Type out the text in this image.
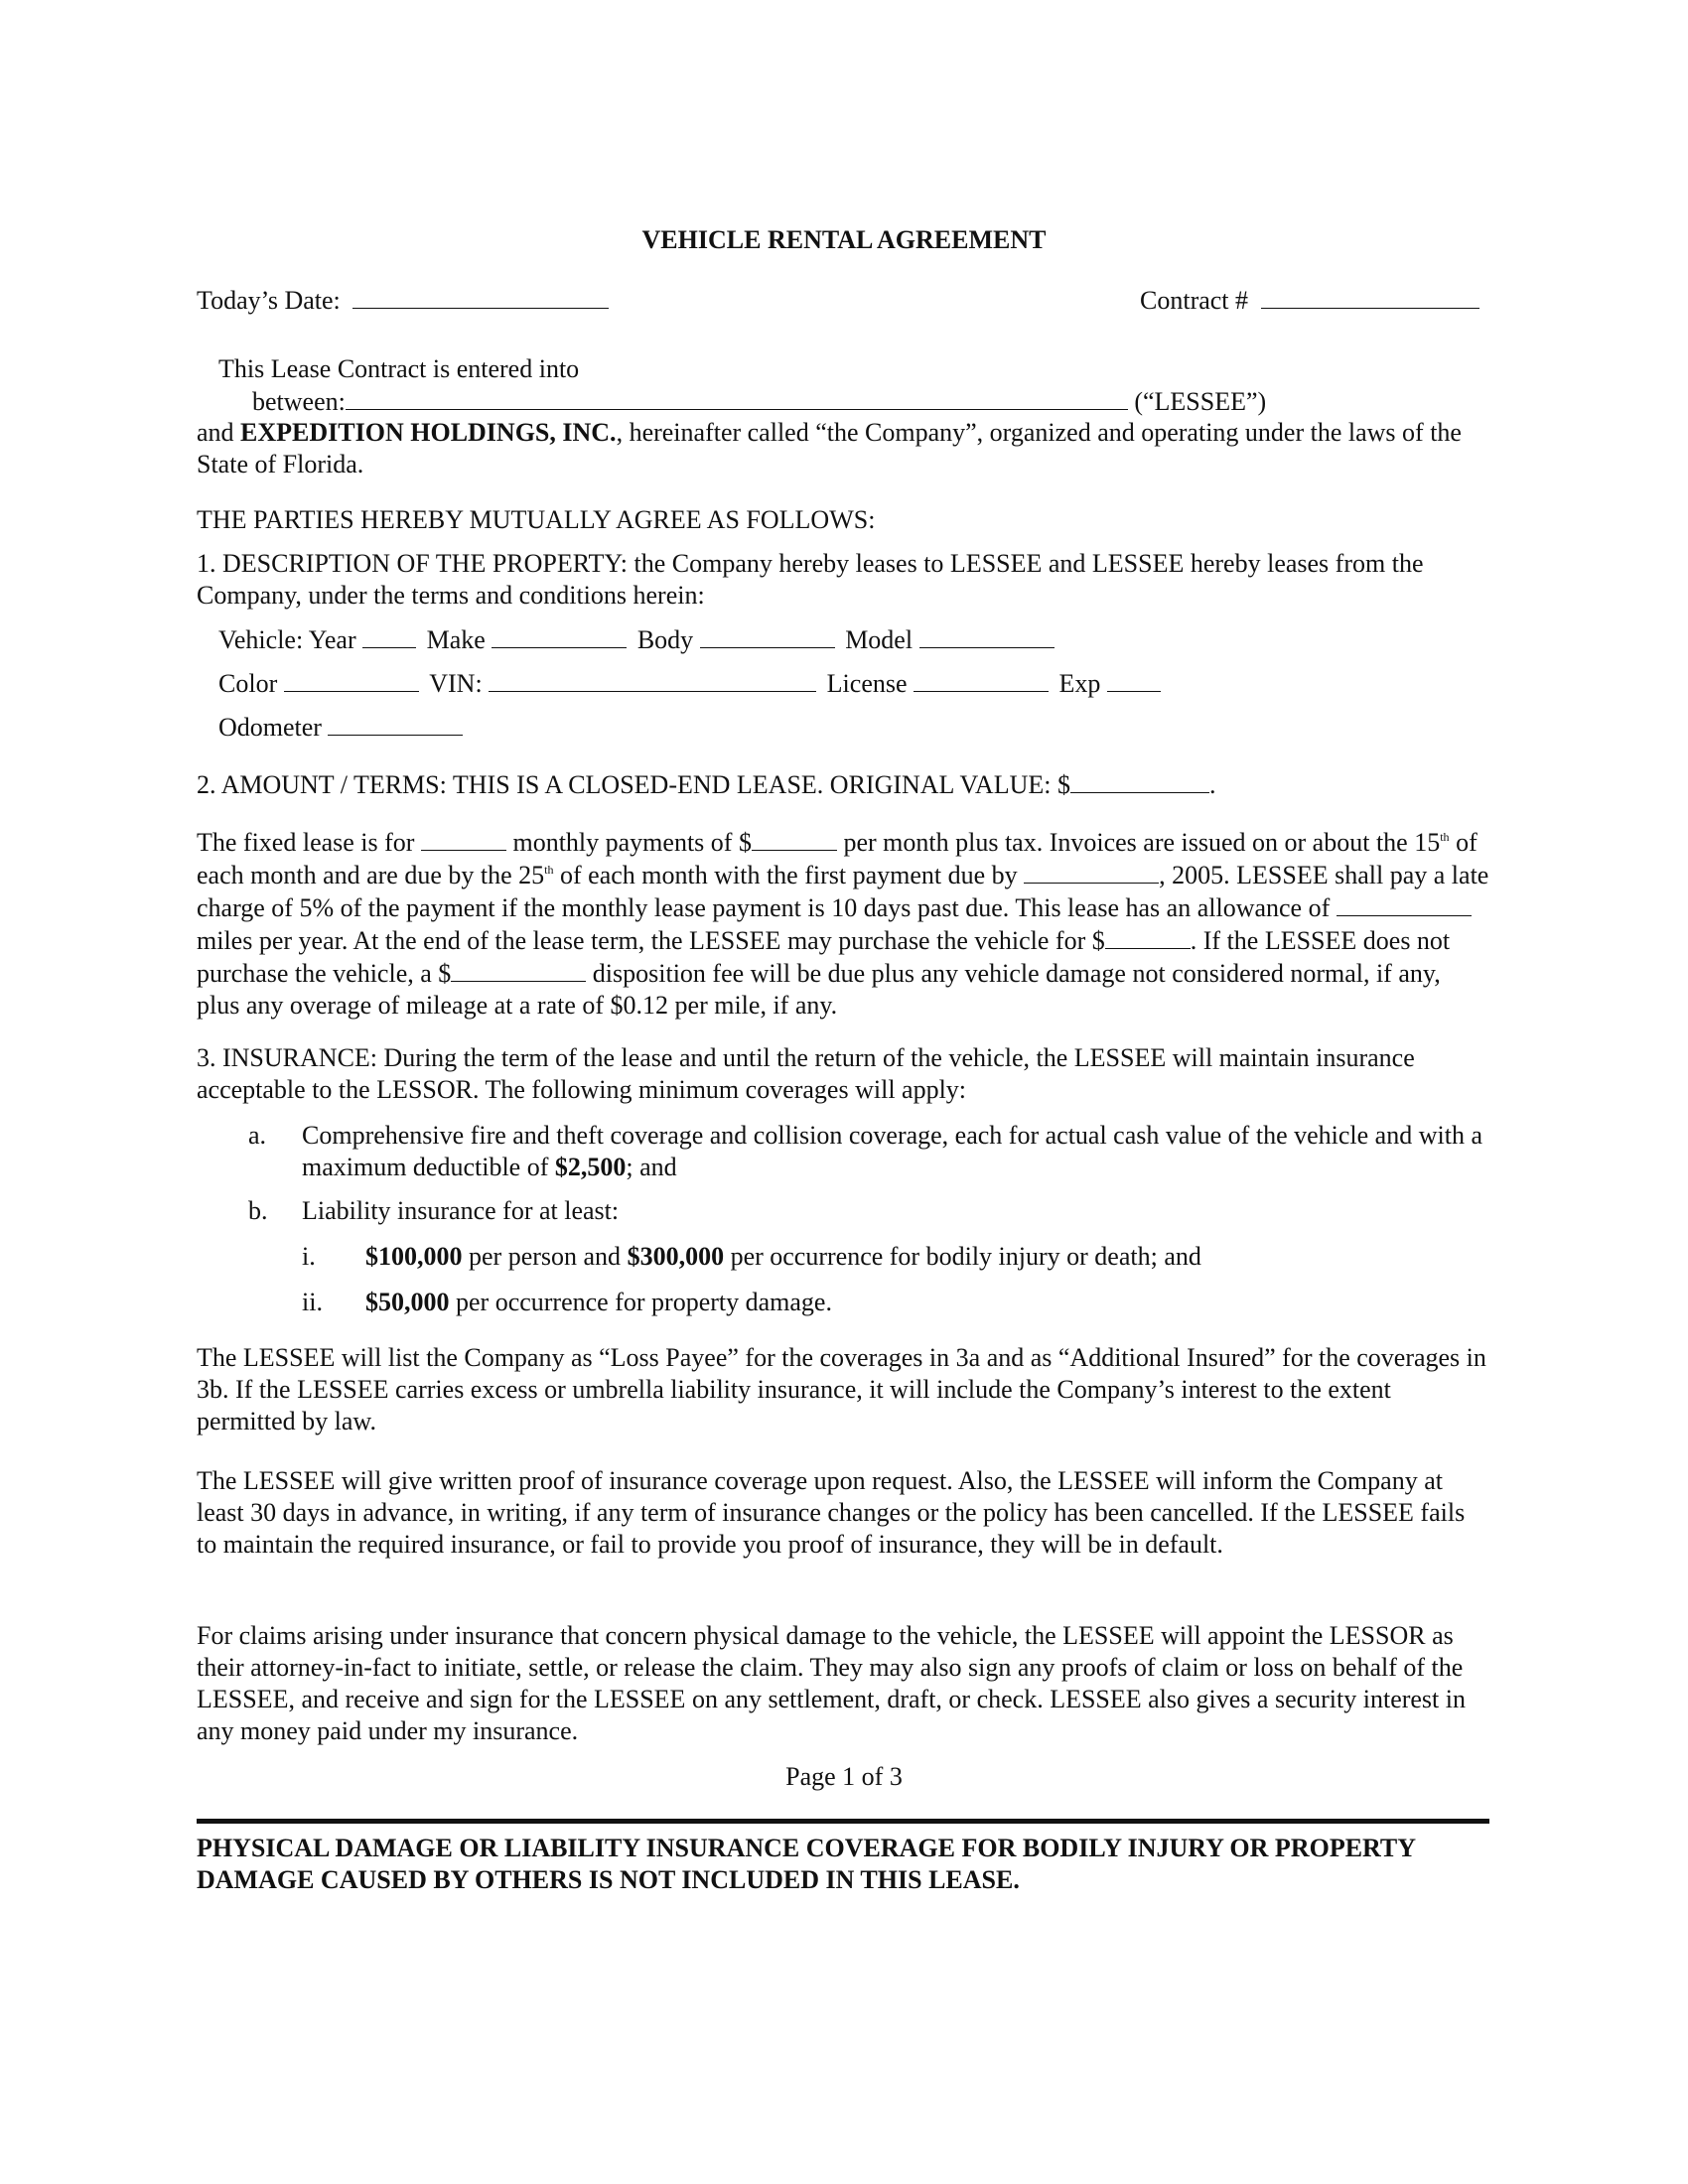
VEHICLE RENTAL AGREEMENT
Today’s Date:	Contract #
This Lease Contract is entered into
between:	(“LESSEE”)
and EXPEDITION HOLDINGS, INC., hereinafter called “the Company”, organized and operating under the laws of the State of Florida.
THE PARTIES HEREBY MUTUALLY AGREE AS FOLLOWS:
1. DESCRIPTION OF THE PROPERTY: the Company hereby leases to LESSEE and LESSEE hereby leases from the Company, under the terms and conditions herein:
Vehicle: Year	Make	Body	Model
Color	VIN:	License	Exp
Odometer
2. AMOUNT / TERMS: THIS IS A CLOSED-END LEASE. ORIGINAL VALUE: $	.
The fixed lease is for	monthly payments of $	per month plus tax. Invoices are issued on or about the 15th of each month and are due by the 25th of each month with the first payment due by	, 2005. LESSEE shall pay a late charge of 5% of the payment if the monthly lease payment is 10 days past due. This lease has an allowance of  miles per year. At the end of the lease term, the LESSEE may purchase the vehicle for $	. If the LESSEE does not purchase the vehicle, a $	disposition fee will be due plus any vehicle damage not considered normal, if any, plus any overage of mileage at a rate of $0.12 per mile, if any.
3. INSURANCE: During the term of the lease and until the return of the vehicle, the LESSEE will maintain insurance acceptable to the LESSOR. The following minimum coverages will apply:
a. Comprehensive fire and theft coverage and collision coverage, each for actual cash value of the vehicle and with a maximum deductible of $2,500; and
b. Liability insurance for at least:
i. $100,000 per person and $300,000 per occurrence for bodily injury or death; and
ii. $50,000 per occurrence for property damage.
The LESSEE will list the Company as “Loss Payee” for the coverages in 3a and as “Additional Insured” for the coverages in 3b. If the LESSEE carries excess or umbrella liability insurance, it will include the Company’s interest to the extent permitted by law.
The LESSEE will give written proof of insurance coverage upon request. Also, the LESSEE will inform the Company at least 30 days in advance, in writing, if any term of insurance changes or the policy has been cancelled. If the LESSEE fails to maintain the required insurance, or fail to provide you proof of insurance, they will be in default.
For claims arising under insurance that concern physical damage to the vehicle, the LESSEE will appoint the LESSOR as their attorney-in-fact to initiate, settle, or release the claim. They may also sign any proofs of claim or loss on behalf of the LESSEE, and receive and sign for the LESSEE on any settlement, draft, or check. LESSEE also gives a security interest in any money paid under my insurance.
Page 1 of 3
PHYSICAL DAMAGE OR LIABILITY INSURANCE COVERAGE FOR BODILY INJURY OR PROPERTY DAMAGE CAUSED BY OTHERS IS NOT INCLUDED IN THIS LEASE.
